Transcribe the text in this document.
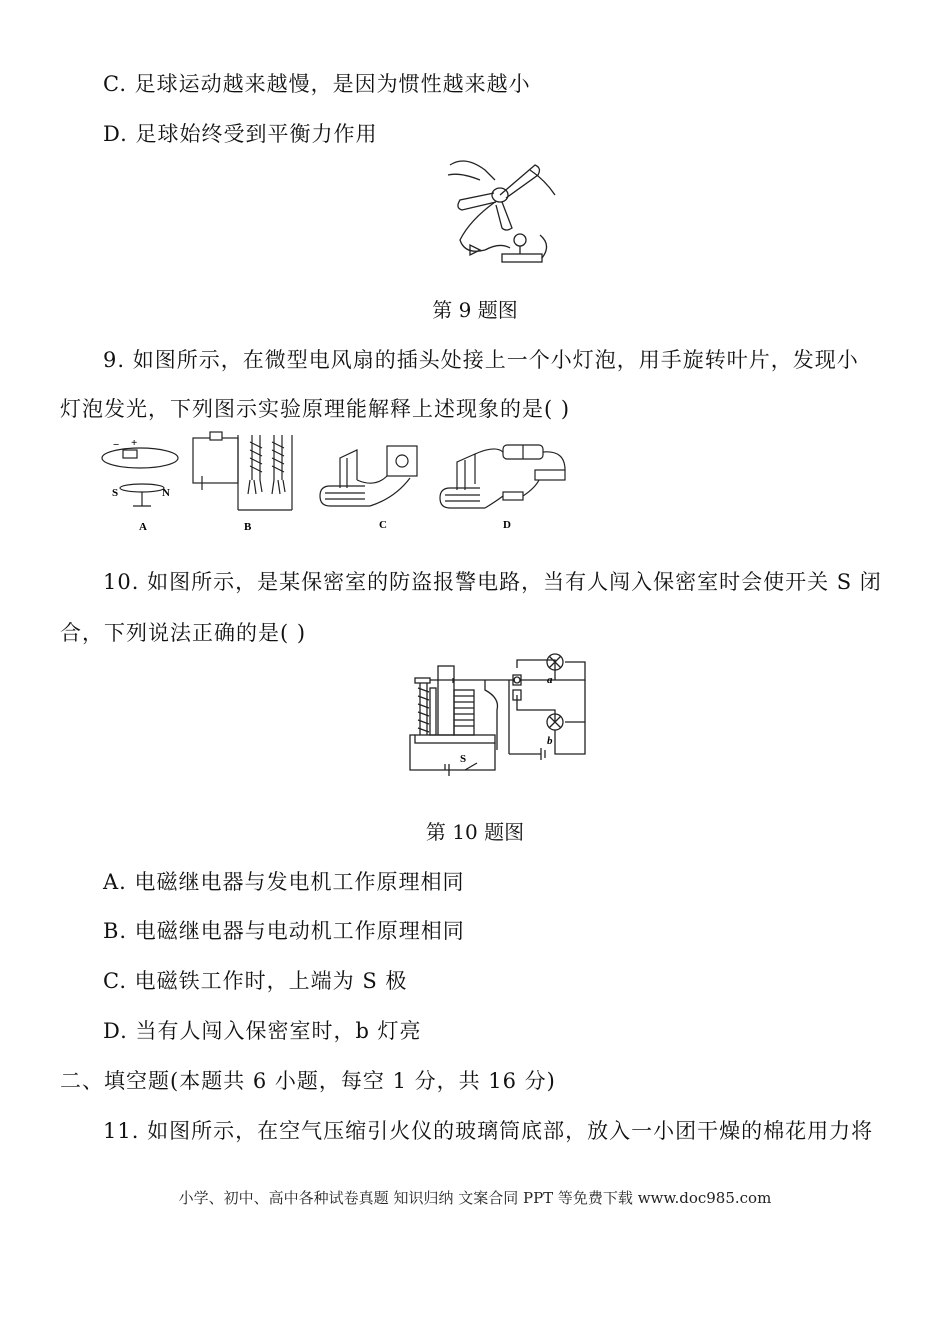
C. 足球运动越来越慢，是因为惯性越来越小
D. 足球始终受到平衡力作用
第 9 题图
9. 如图所示，在微型电风扇的插头处接上一个小灯泡，用手旋转叶片，发现小
灯泡发光，下列图示实验原理能解释上述现象的是( )
− +
S	N
A	B	C	D
10. 如图所示，是某保密室的防盗报警电路，当有人闯入保密室时会使开关 S 闭
合，下列说法正确的是( )
a
b
S
第 10 题图
A. 电磁继电器与发电机工作原理相同
B. 电磁继电器与电动机工作原理相同
C. 电磁铁工作时，上端为 S 极
D. 当有人闯入保密室时，b 灯亮
二、填空题(本题共 6 小题，每空 1 分，共 16 分)
11. 如图所示，在空气压缩引火仪的玻璃筒底部，放入一小团干燥的棉花用力将
小学、初中、高中各种试卷真题 知识归纳 文案合同 PPT 等免费下载 www.doc985.com
